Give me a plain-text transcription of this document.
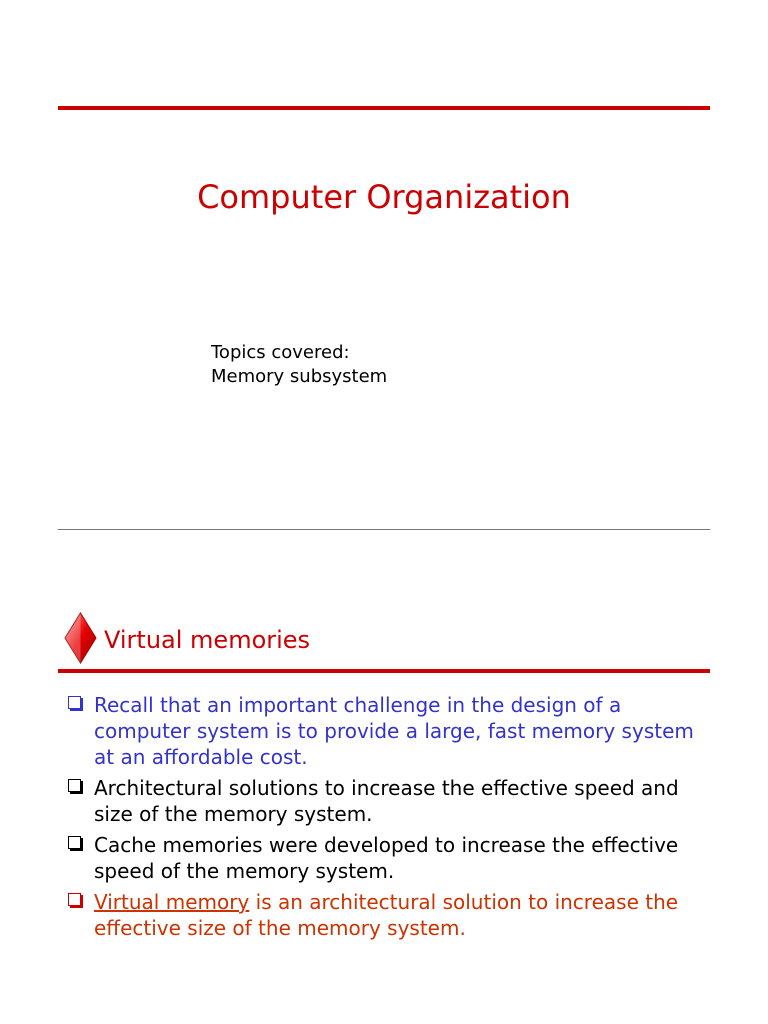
Computer Organization
Topics covered:
Memory subsystem
Virtual memories
Recall that an important challenge in the design of a computer system is to provide a large, fast memory system at an affordable cost.
Architectural solutions to increase the effective speed and size of the memory system.
Cache memories were developed to increase the effective speed of the memory system.
Virtual memory is an architectural solution to increase the effective size of the memory system.
